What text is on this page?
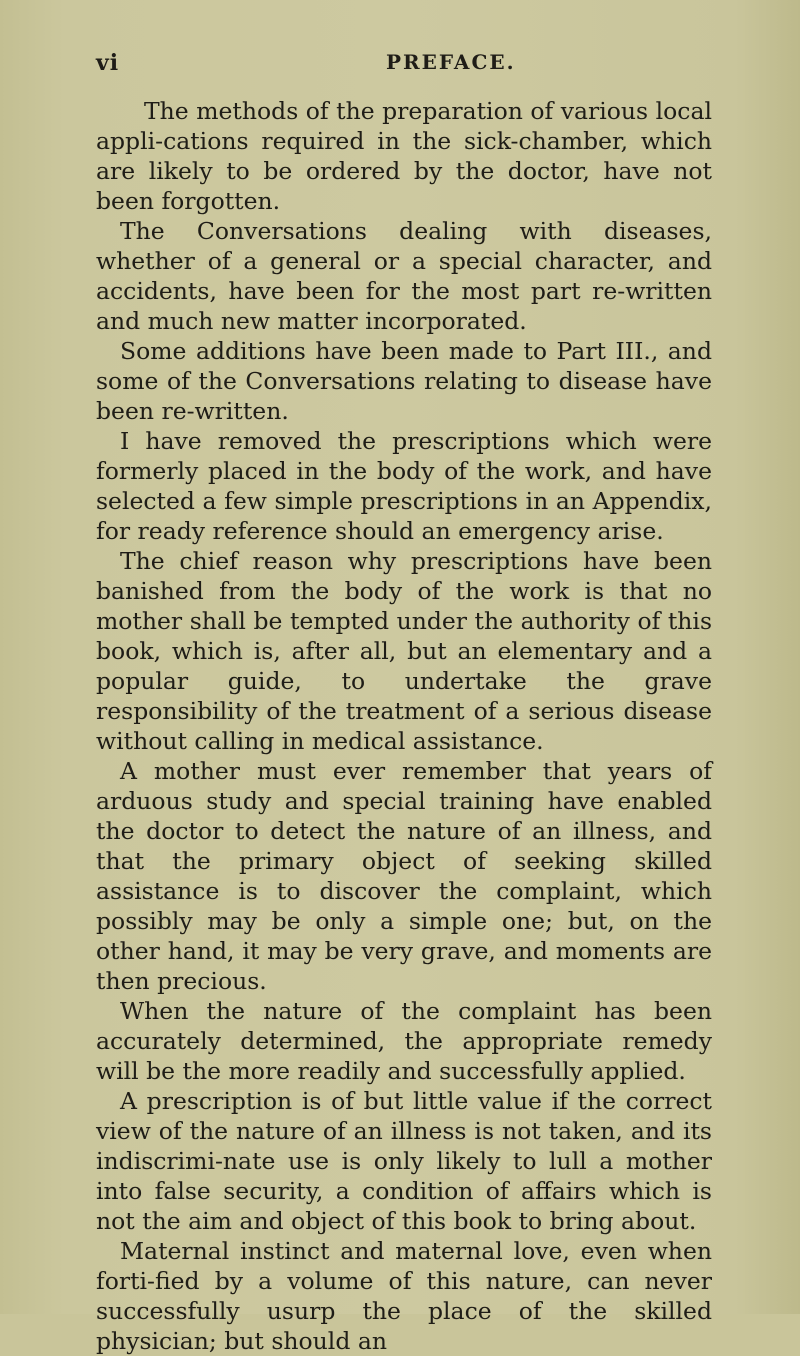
vi	PREFACE.

The methods of the preparation of various local appli-cations required in the sick-chamber, which are likely to be ordered by the doctor, have not been forgotten.

The Conversations dealing with diseases, whether of a general or a special character, and accidents, have been for the most part re-written and much new matter incorporated.

Some additions have been made to Part III., and some of the Conversations relating to disease have been re-written.

I have removed the prescriptions which were formerly placed in the body of the work, and have selected a few simple prescriptions in an Appendix, for ready reference should an emergency arise.

The chief reason why prescriptions have been banished from the body of the work is that no mother shall be tempted under the authority of this book, which is, after all, but an elementary and a popular guide, to undertake the grave responsibility of the treatment of a serious disease without calling in medical assistance.

A mother must ever remember that years of arduous study and special training have enabled the doctor to detect the nature of an illness, and that the primary object of seeking skilled assistance is to discover the complaint, which possibly may be only a simple one; but, on the other hand, it may be very grave, and moments are then precious.

When the nature of the complaint has been accurately determined, the appropriate remedy will be the more readily and successfully applied.

A prescription is of but little value if the correct view of the nature of an illness is not taken, and its indiscrimi-nate use is only likely to lull a mother into false security, a condition of affairs which is not the aim and object of this book to bring about.

Maternal instinct and maternal love, even when forti-fied by a volume of this nature, can never successfully usurp the place of the skilled physician; but should an
